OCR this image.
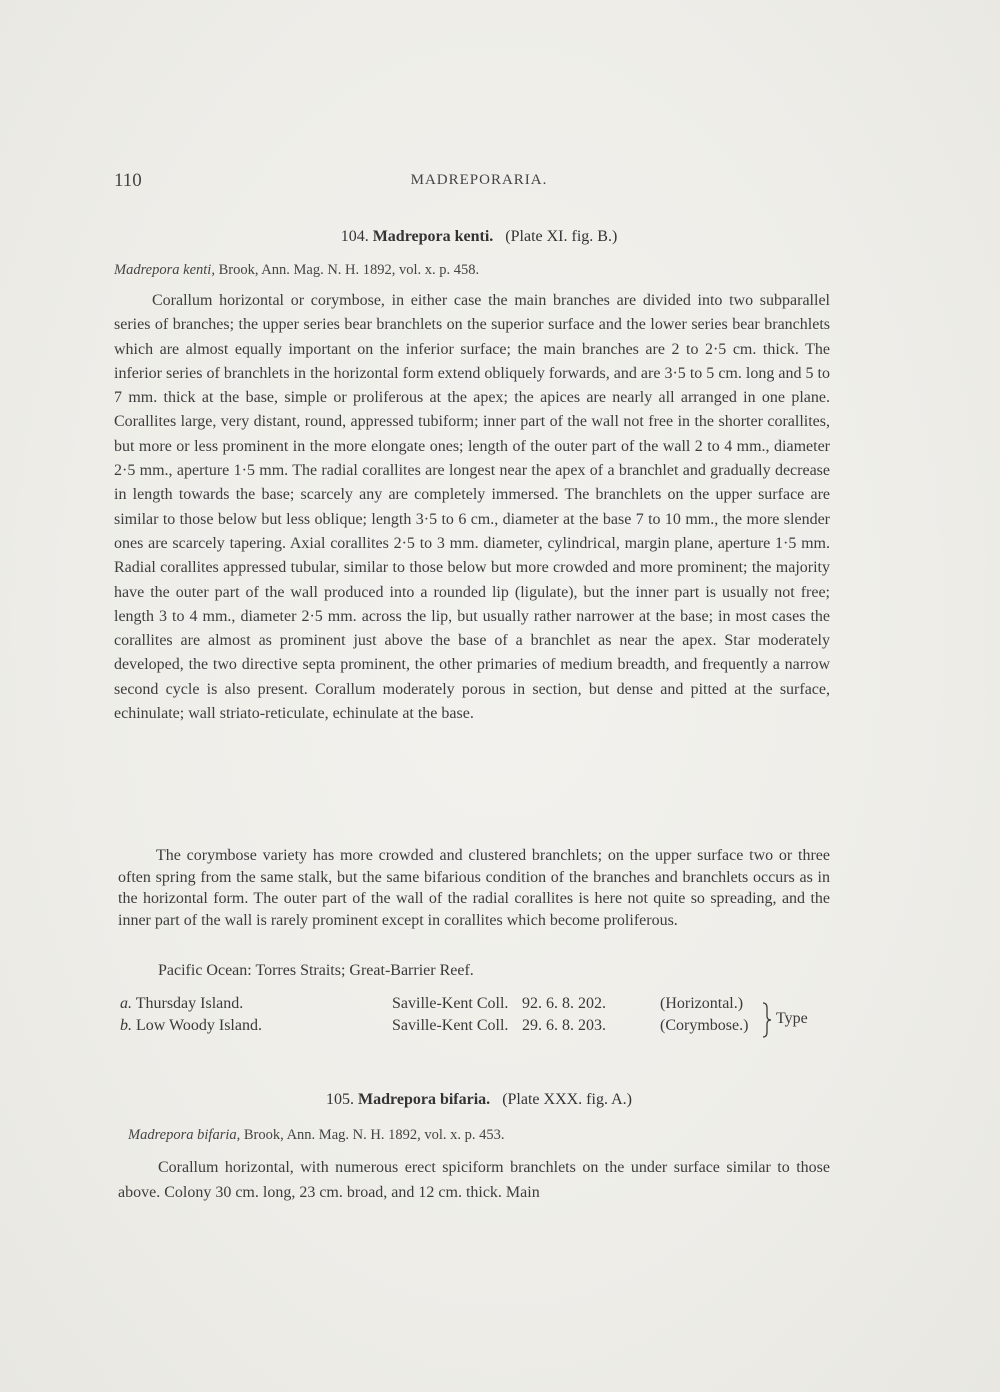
110	MADREPORARIA.
104. Madrepora kenti. (Plate XI. fig. B.)
Madrepora kenti, Brook, Ann. Mag. N. H. 1892, vol. x. p. 458.

Corallum horizontal or corymbose, in either case the main branches are divided into two subparallel series of branches; the upper series bear branchlets on the superior surface and the lower series bear branchlets which are almost equally important on the inferior surface; the main branches are 2 to 2·5 cm. thick. The inferior series of branchlets in the horizontal form extend obliquely forwards, and are 3·5 to 5 cm. long and 5 to 7 mm. thick at the base, simple or proliferous at the apex; the apices are nearly all arranged in one plane. Corallites large, very distant, round, appressed tubiform; inner part of the wall not free in the shorter corallites, but more or less prominent in the more elongate ones; length of the outer part of the wall 2 to 4 mm., diameter 2·5 mm., aperture 1·5 mm. The radial corallites are longest near the apex of a branchlet and gradually decrease in length towards the base; scarcely any are completely immersed. The branchlets on the upper surface are similar to those below but less oblique; length 3·5 to 6 cm., diameter at the base 7 to 10 mm., the more slender ones are scarcely tapering. Axial corallites 2·5 to 3 mm. diameter, cylindrical, margin plane, aperture 1·5 mm. Radial corallites appressed tubular, similar to those below but more crowded and more prominent; the majority have the outer part of the wall produced into a rounded lip (ligulate), but the inner part is usually not free; length 3 to 4 mm., diameter 2·5 mm. across the lip, but usually rather narrower at the base; in most cases the corallites are almost as prominent just above the base of a branchlet as near the apex. Star moderately developed, the two directive septa prominent, the other primaries of medium breadth, and frequently a narrow second cycle is also present. Corallum moderately porous in section, but dense and pitted at the surface, echinulate; wall striato-reticulate, echinulate at the base.

The corymbose variety has more crowded and clustered branchlets; on the upper surface two or three often spring from the same stalk, but the same bifarious condition of the branches and branchlets occurs as in the horizontal form. The outer part of the wall of the radial corallites is here not quite so spreading, and the inner part of the wall is rarely prominent except in corallites which become proliferous.

Pacific Ocean: Torres Straits; Great-Barrier Reef.
a. Thursday Island.	Saville-Kent Coll. 92. 6. 8. 202.	(Horizontal.)
b. Low Woody Island.	Saville-Kent Coll. 29. 6. 8. 203.	(Corymbose.) Type
105. Madrepora bifaria. (Plate XXX. fig. A.)
Madrepora bifaria, Brook, Ann. Mag. N. H. 1892, vol. x. p. 453.

Corallum horizontal, with numerous erect spiciform branchlets on the under surface similar to those above. Colony 30 cm. long, 23 cm. broad, and 12 cm. thick. Main
